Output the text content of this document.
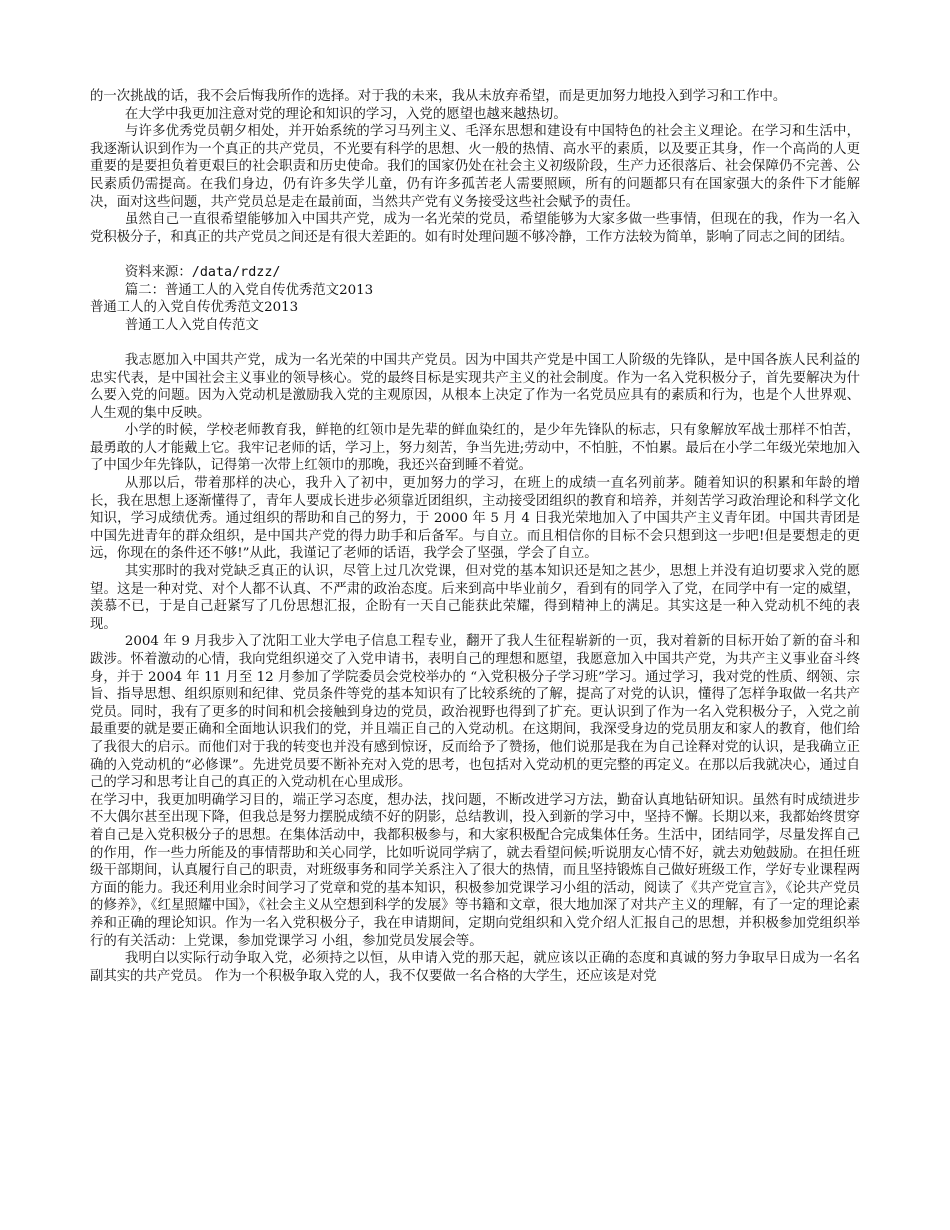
的一次挑战的话，我不会后悔我所作的选择。对于我的未来，我从未放弃希望，而是更加努力地投入到学习和工作中。

在大学中我更加注意对党的理论和知识的学习，入党的愿望也越来越热切。

与许多优秀党员朝夕相处，并开始系统的学习马列主义、毛泽东思想和建设有中国特色的社会主义理论。在学习和生活中，我逐渐认识到作为一个真正的共产党员，不光要有科学的思想、火一般的热情、高水平的素质，以及要正其身，作一个高尚的人更重要的是要担负着更艰巨的社会职责和历史使命。我们的国家仍处在社会主义初级阶段，生产力还很落后、社会保障仍不完善、公民素质仍需提高。在我们身边，仍有许多失学儿童，仍有许多孤苦老人需要照顾，所有的问题都只有在国家强大的条件下才能解决，面对这些问题，共产党员总是走在最前面，当然共产党有义务接受这些社会赋予的责任。

虽然自己一直很希望能够加入中国共产党，成为一名光荣的党员，希望能够为大家多做一些事情，但现在的我，作为一名入党积极分子，和真正的共产党员之间还是有很大差距的。如有时处理问题不够冷静，工作方法较为简单，影响了同志之间的团结。

资料来源：/data/rdzz/

篇二：普通工人的入党自传优秀范文2013

普通工人的入党自传优秀范文2013

普通工人入党自传范文

我志愿加入中国共产党，成为一名光荣的中国共产党员。因为中国共产党是中国工人阶级的先锋队，是中国各族人民利益的忠实代表，是中国社会主义事业的领导核心。党的最终目标是实现共产主义的社会制度。作为一名入党积极分子，首先要解决为什么要入党的问题。因为入党动机是激励我入党的主观原因，从根本上决定了作为一名党员应具有的素质和行为，也是个人世界观、人生观的集中反映。

小学的时候，学校老师教育我，鲜艳的红领巾是先辈的鲜血染红的，是少年先锋队的标志，只有象解放军战士那样不怕苦，最勇敢的人才能戴上它。我牢记老师的话，学习上，努力刻苦，争当先进;劳动中，不怕脏，不怕累。最后在小学二年级光荣地加入了中国少年先锋队，记得第一次带上红领巾的那晚，我还兴奋到睡不着觉。

从那以后，带着那样的决心，我升入了初中，更加努力的学习，在班上的成绩一直名列前茅。随着知识的积累和年龄的增长，我在思想上逐渐懂得了，青年人要成长进步必须靠近团组织，主动接受团组织的教育和培养，并刻苦学习政治理论和科学文化知识，学习成绩优秀。通过组织的帮助和自己的努力，于 2000 年 5 月 4 日我光荣地加入了中国共产主义青年团。中国共青团是中国先进青年的群众组织，是中国共产党的得力助手和后备军。与自立。而且相信你的目标不会只想到这一步吧!但是要想走的更远，你现在的条件还不够!”从此，我谨记了老师的话语，我学会了坚强，学会了自立。

其实那时的我对党缺乏真正的认识，尽管上过几次党课，但对党的基本知识还是知之甚少，思想上并没有迫切要求入党的愿望。这是一种对党、对个人都不认真、不严肃的政治态度。后来到高中毕业前夕，看到有的同学入了党，在同学中有一定的威望，羡慕不已，于是自己赶紧写了几份思想汇报，企盼有一天自己能获此荣耀，得到精神上的满足。其实这是一种入党动机不纯的表现。

2004 年 9 月我步入了沈阳工业大学电子信息工程专业，翻开了我人生征程崭新的一页，我对着新的目标开始了新的奋斗和跋涉。怀着激动的心情，我向党组织递交了入党申请书，表明自己的理想和愿望，我愿意加入中国共产党，为共产主义事业奋斗终身，并于 2004 年 11 月至 12 月参加了学院委员会党校举办的 “入党积极分子学习班”学习。通过学习，我对党的性质、纲领、宗旨、指导思想、组织原则和纪律、党员条件等党的基本知识有了比较系统的了解，提高了对党的认识，懂得了怎样争取做一名共产党员。同时，我有了更多的时间和机会接触到身边的党员，政治视野也得到了扩充。更认识到了作为一名入党积极分子，入党之前最重要的就是要正确和全面地认识我们的党，并且端正自己的入党动机。在这期间，我深受身边的党员朋友和家人的教育，他们给了我很大的启示。而他们对于我的转变也并没有感到惊讶，反而给予了赞扬，他们说那是我在为自己诠释对党的认识，是我确立正确的入党动机的“必修课”。先进党员要不断补充对入党的思考，也包括对入党动机的更完整的再定义。在那以后我就决心，通过自己的学习和思考让自己的真正的入党动机在心里成形。

在学习中，我更加明确学习目的，端正学习态度，想办法，找问题，不断改进学习方法，勤奋认真地钻研知识。虽然有时成绩进步不大偶尔甚至出现下降，但我总是努力摆脱成绩不好的阴影，总结教训，投入到新的学习中，坚持不懈。长期以来，我都始终贯穿着自己是入党积极分子的思想。在集体活动中，我都积极参与，和大家积极配合完成集体任务。生活中，团结同学，尽量发挥自己的作用，作一些力所能及的事情帮助和关心同学，比如听说同学病了，就去看望问候;听说朋友心情不好，就去劝勉鼓励。在担任班级干部期间，认真履行自己的职责，对班级事务和同学关系注入了很大的热情，而且坚持锻炼自己做好班级工作，学好专业课程两方面的能力。我还利用业余时间学习了党章和党的基本知识，积极参加党课学习小组的活动，阅读了《共产党宣言》，《论共产党员的修养》，《红星照耀中国》，《社会主义从空想到科学的发展》等书籍和文章，很大地加深了对共产主义的理解，有了一定的理论素养和正确的理论知识。作为一名入党积极分子，我在申请期间，定期向党组织和入党介绍人汇报自己的思想，并积极参加党组织举行的有关活动：上党课，参加党课学习 小组，参加党员发展会等。

我明白以实际行动争取入党，必须持之以恒，从申请入党的那天起，就应该以正确的态度和真诚的努力争取早日成为一名名副其实的共产党员。 作为一个积极争取入党的人，我不仅要做一名合格的大学生，还应该是对党
